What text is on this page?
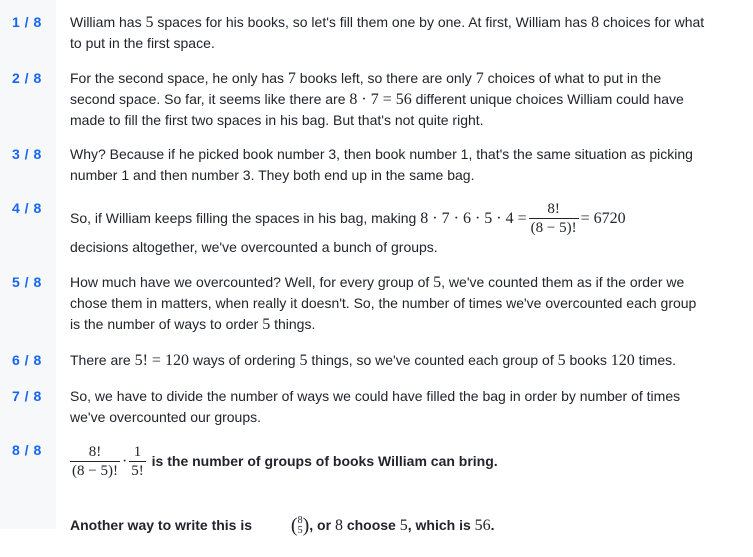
1 / 8 William has 5 spaces for his books, so let's fill them one by one. At first, William has 8 choices for what to put in the first space.
2 / 8 For the second space, he only has 7 books left, so there are only 7 choices of what to put in the second space. So far, it seems like there are 8 · 7 = 56 different unique choices William could have made to fill the first two spaces in his bag. But that's not quite right.
3 / 8 Why? Because if he picked book number 3, then book number 1, that's the same situation as picking number 1 and then number 3. They both end up in the same bag.
4 / 8
So, if William keeps filling the spaces in his bag, making $8 \cdot 7 \cdot 6 \cdot 5 \cdot 4 = \frac{8!}{(8 - 5)!} = 6720$
decisions altogether, we've overcounted a bunch of groups.
5 / 8 How much have we overcounted? Well, for every group of 5, we've counted them as if the order we chose them in matters, when really it doesn't. So, the number of times we've overcounted each group is the number of ways to order 5 things.
6 / 8 There are 5! = 120 ways of ordering 5 things, so we've counted each group of 5 books 120 times.
7 / 8 So, we have to divide the number of ways we could have filled the bag in order by number of times we've overcounted our groups.
$8 / 8 \frac{8!}{(8 - 5)!} \cdot \frac{1}{5!}$ is the number of groups of books William can bring.
Another way to write this is	( 8
5 )
, or 8 choose 5 , which is 56 .
